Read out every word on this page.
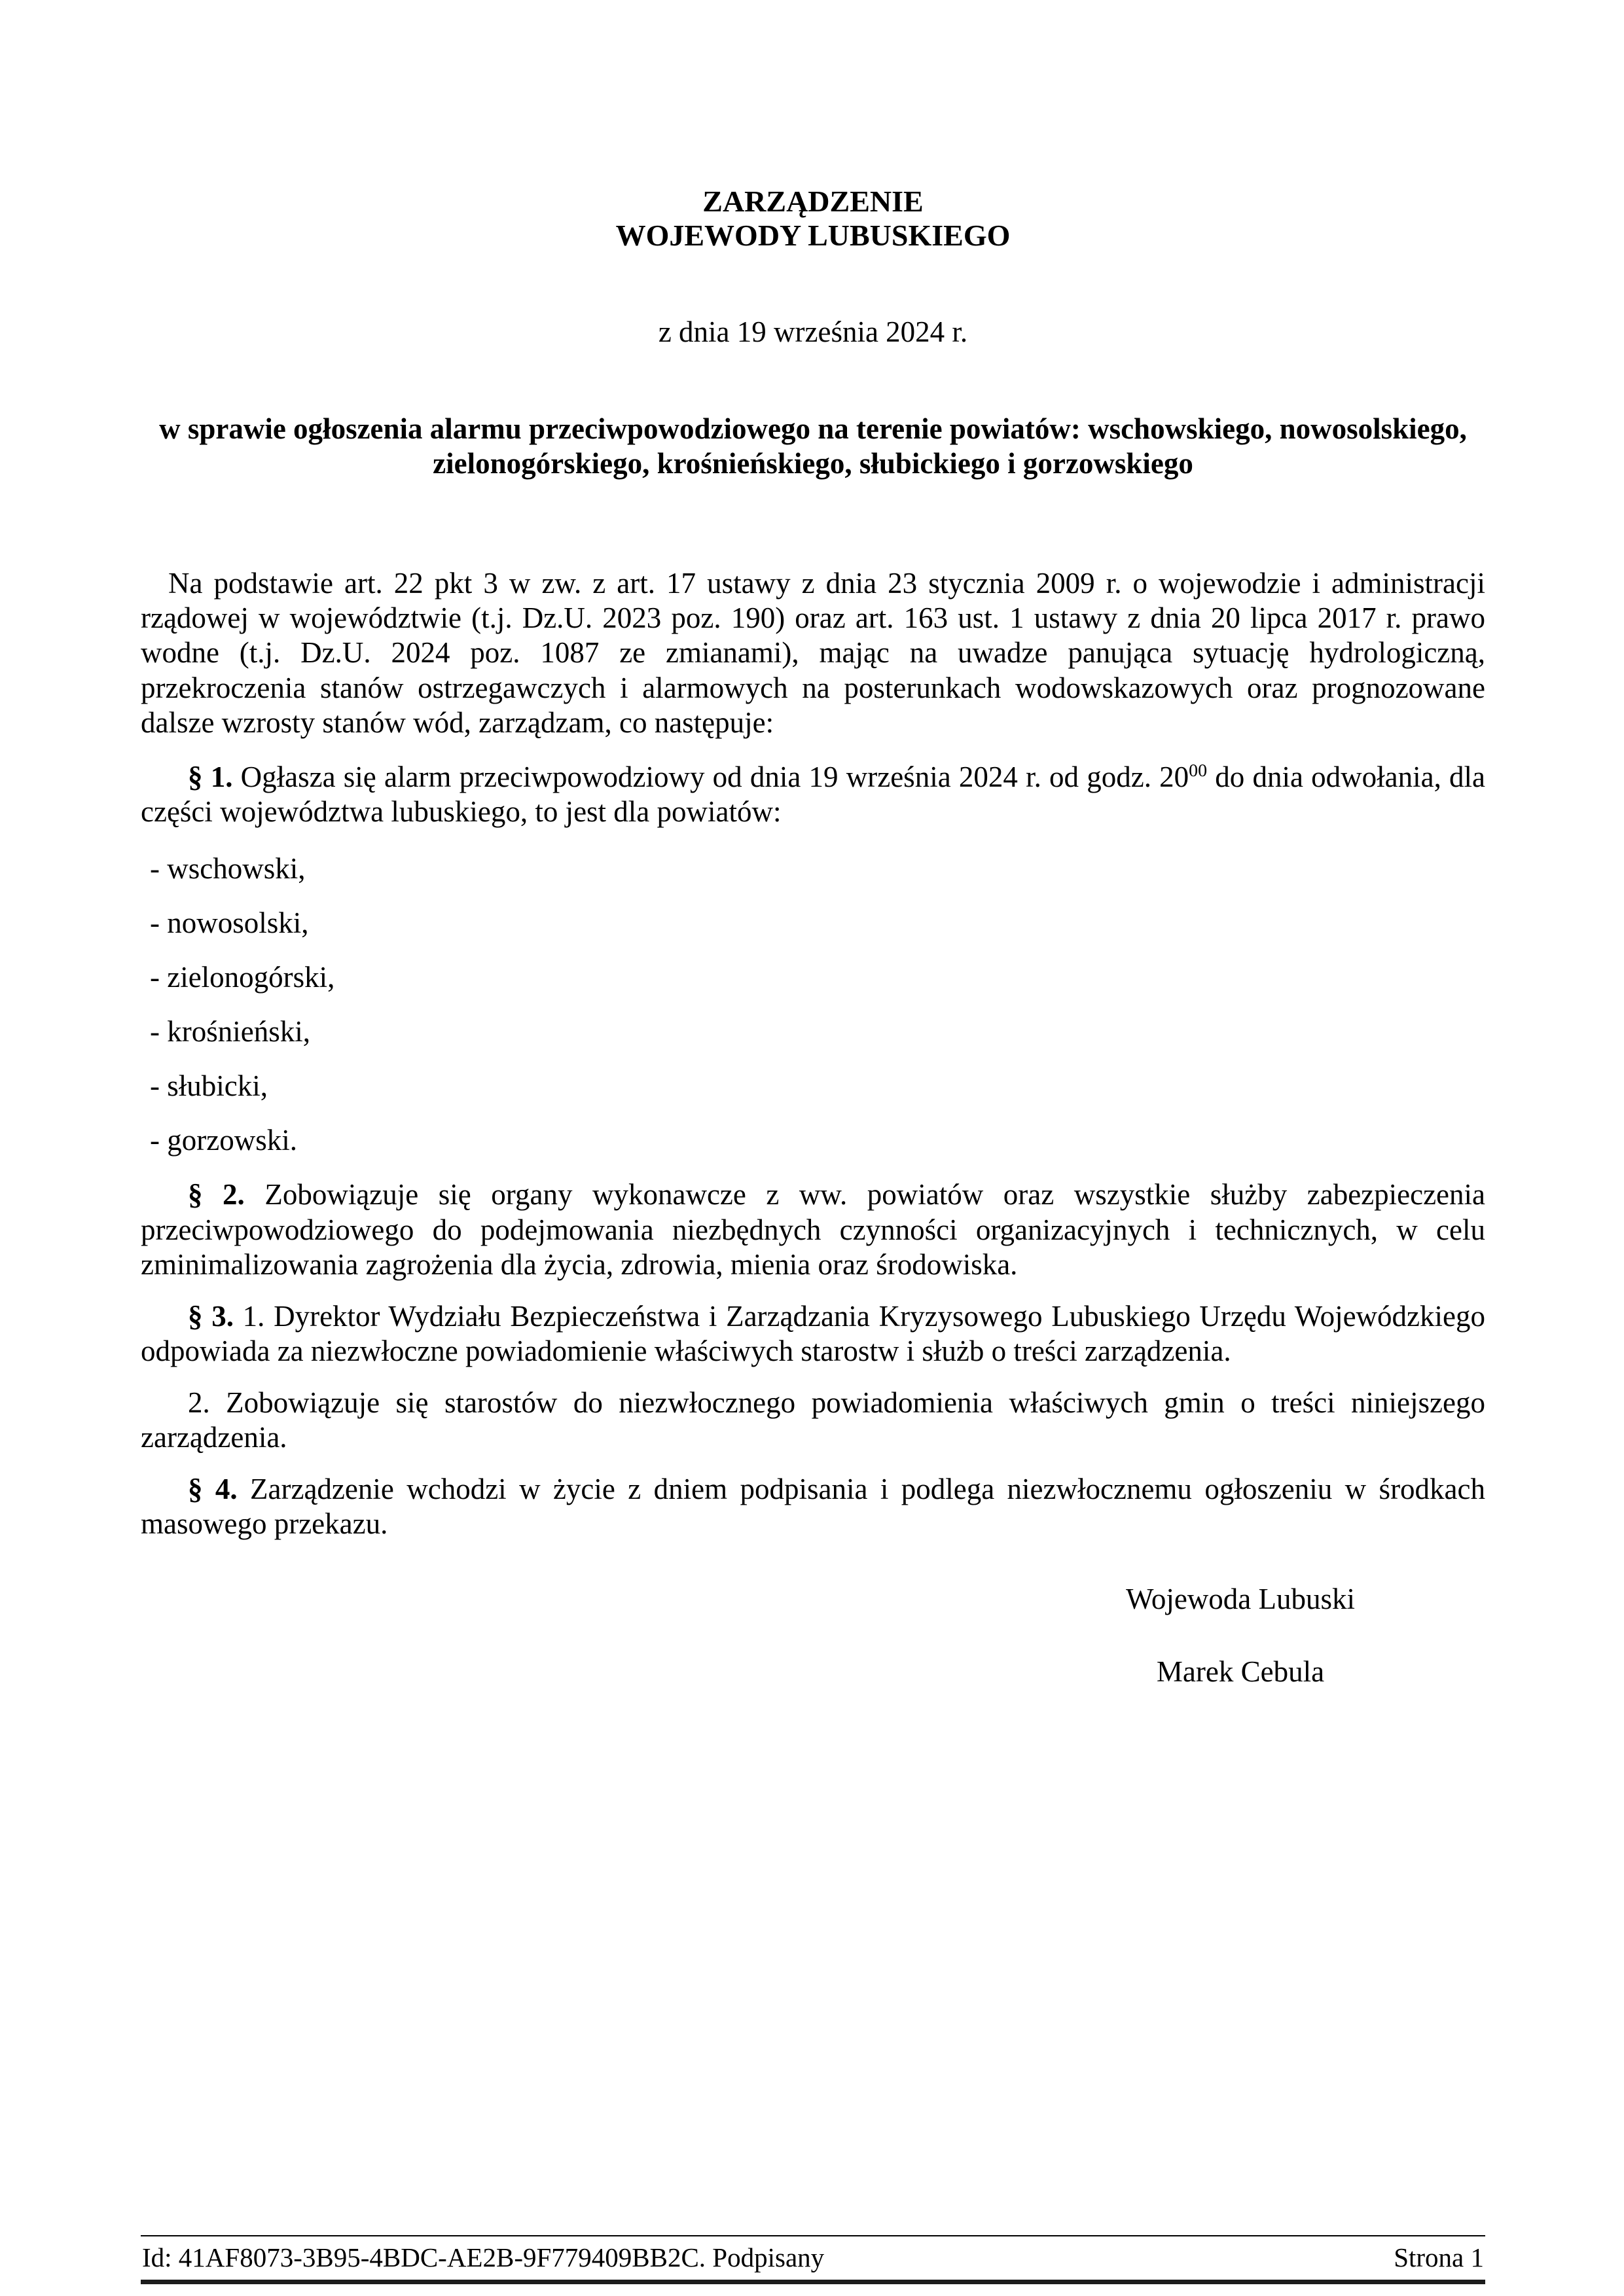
ZARZĄDZENIE
WOJEWODY LUBUSKIEGO
z dnia 19 września 2024 r.
w sprawie ogłoszenia alarmu przeciwpowodziowego na terenie powiatów: wschowskiego, nowosolskiego, zielonogórskiego, krośnieńskiego, słubickiego i gorzowskiego

Na podstawie art. 22 pkt 3 w zw. z art. 17 ustawy z dnia 23 stycznia 2009 r. o wojewodzie i administracji rządowej w województwie (t.j. Dz.U. 2023 poz. 190) oraz art. 163 ust. 1 ustawy z dnia 20 lipca 2017 r. prawo wodne (t.j. Dz.U. 2024 poz. 1087 ze zmianami), mając na uwadze panująca sytuację hydrologiczną, przekroczenia stanów ostrzegawczych i alarmowych na posterunkach wodowskazowych oraz prognozowane dalsze wzrosty stanów wód, zarządzam, co następuje:

§ 1. Ogłasza się alarm przeciwpowodziowy od dnia 19 września 2024 r. od godz. $20^{00}$ do dnia odwołania, dla części województwa lubuskiego, to jest dla powiatów:

- wschowski,
- nowosolski,
- zielonogórski,
- krośnieński,
- słubicki,
- gorzowski.

§ 2. Zobowiązuje się organy wykonawcze z ww. powiatów oraz wszystkie służby zabezpieczenia przeciwpowodziowego do podejmowania niezbędnych czynności organizacyjnych i technicznych, w celu zminimalizowania zagrożenia dla życia, zdrowia, mienia oraz środowiska.

§ 3. 1. Dyrektor Wydziału Bezpieczeństwa i Zarządzania Kryzysowego Lubuskiego Urzędu Wojewódzkiego odpowiada za niezwłoczne powiadomienie właściwych starostw i służb o treści zarządzenia.

2. Zobowiązuje się starostów do niezwłocznego powiadomienia właściwych gmin o treści niniejszego zarządzenia.

§ 4. Zarządzenie wchodzi w życie z dniem podpisania i podlega niezwłocznemu ogłoszeniu w środkach masowego przekazu.

Wojewoda Lubuski
Marek Cebula
Id: 41AF8073-3B95-4BDC-AE2B-9F779409BB2C. Podpisany	Strona 1
